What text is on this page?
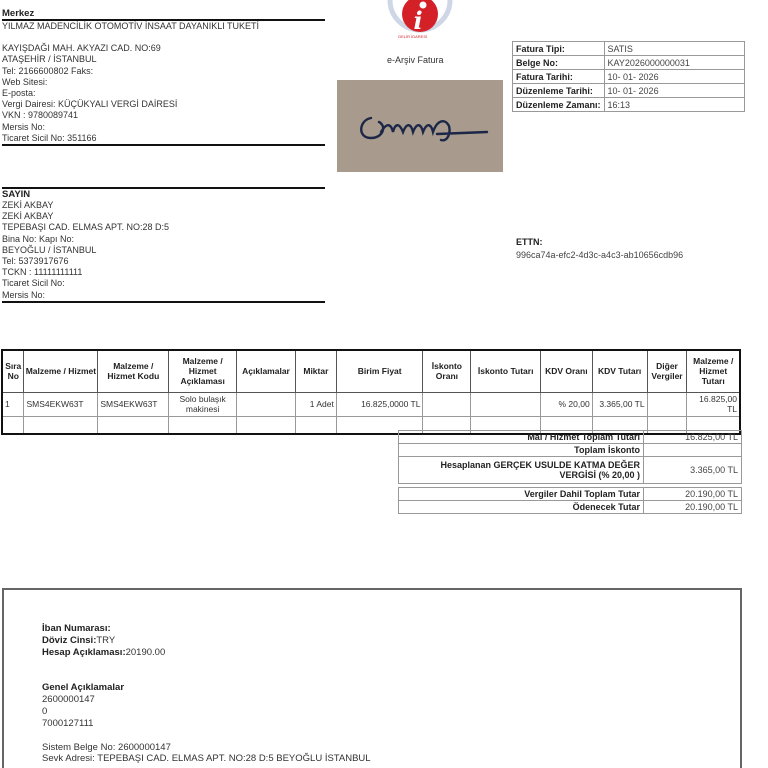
Merkez
YILMAZ MADENCİLİK OTOMOTİV İNSAAT DAYANIKLI TUKETİ
KAYIŞDAĞI MAH. AKYAZI CAD. NO:69
ATAŞEHİR / İSTANBUL
Tel: 2166600802 Faks:
Web Sitesi:
E-posta:
Vergi Dairesi: KÜÇÜKYALI VERGİ DAİRESİ
VKN : 9780089741
Mersis No:
Ticaret Sicil No: 351166
i
GELİR İDARESİ
e-Arşiv Fatura
Fatura Tipi:	SATIS
Belge No:	KAY2026000000031
Fatura Tarihi:	10- 01- 2026
Düzenleme Tarihi:	10- 01- 2026
Düzenleme Zamanı:	16:13
SAYIN
ZEKİ AKBAY
ZEKİ AKBAY
TEPEBAŞI CAD. ELMAS APT. NO:28 D:5
Bina No: Kapı No:
BEYOĞLU / İSTANBUL
Tel: 5373917676
TCKN : 11111111111
Ticaret Sicil No:
Mersis No:
ETTN:
996ca74a-efc2-4d3c-a4c3-ab10656cdb96
Sıra No	Malzeme / Hizmet	Malzeme / Hizmet Kodu	Malzeme / Hizmet Açıklaması	Açıklamalar	Miktar	Birim Fiyat	İskonto Oranı	İskonto Tutarı	KDV Oranı	KDV Tutarı	Diğer Vergiler	Malzeme / Hizmet Tutarı
1	SMS4EKW63T	SMS4EKW63T	Solo bulaşık makinesi		1 Adet	16.825,0000 TL			% 20,00	3.365,00 TL		16.825,00 TL

Mal / Hizmet Toplam Tutarı	16.825,00 TL
Toplam İskonto	
Hesaplanan GERÇEK USULDE KATMA DEĞER VERGİSİ (% 20,00 )	3.365,00 TL

Vergiler Dahil Toplam Tutar	20.190,00 TL
Ödenecek Tutar	20.190,00 TL
İban Numarası:
Döviz Cinsi:TRY
Hesap Açıklaması:20190.00
Genel Açıklamalar
2600000147
0
7000127111
Sistem Belge No: 2600000147
Sevk Adresi: TEPEBAŞI CAD. ELMAS APT. NO:28 D:5 BEYOĞLU İSTANBUL
